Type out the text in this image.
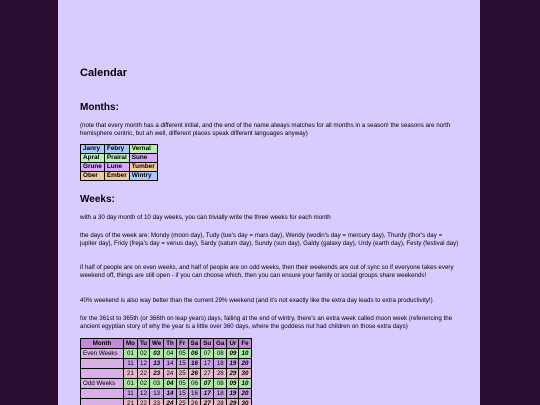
Calendar
Months:

(note that every month has a different initial, and the end of the name always matches for all months in a season! the seasons are north hemisphere centric, but ah well, different places speak different languages anyway)

Janry	Febry	Vernal
Apral	Prairal	Sune
Grune	Lune	Tumber
Ober	Ember	Wintry
Weeks:

with a 30 day month of 10 day weeks, you can trivially write the three weeks for each month

the days of the week are: Mondy (moon day), Tudy (tue's day = mars day), Wendy (wodin's day = mercury day), Thurdy (thor's day = jupiter day), Fridy (freja's day = venus day), Sardy (saturn day), Sundy (sun day), Galdy (galaxy day), Urdy (earth day), Festy (festival day)

if half of people are on even weeks, and half of people are on odd weeks, then their weekends are out of sync so if everyone takes every weekend off, things are still open - if you can choose which, then you can ensure your family or social groups share weekends!

40% weekend is also way better than the current 29% weekend (and it's not exactly like the extra day leads to extra productivity!)

for the 361st to 365th (or 366th on leap years) days, falling at the end of wintry, there's an extra week called moon week (referencing the ancient egyptian story of why the year is a little over 360 days, where the goddess nut had children on those extra days)

Month	Mo	Tu	We	Th	Fr	Sa	Su	Ga	Ur	Fe
Even Weeks	01	02	03	04	05	06	07	08	09	10
	11	12	13	14	15	16	17	18	19	20
	21	22	23	24	25	26	27	28	29	30
Odd Weeks	01	02	03	04	05	06	07	08	09	10
	11	12	13	14	15	16	17	18	19	20
	21	22	23	24	25	26	27	28	29	30
